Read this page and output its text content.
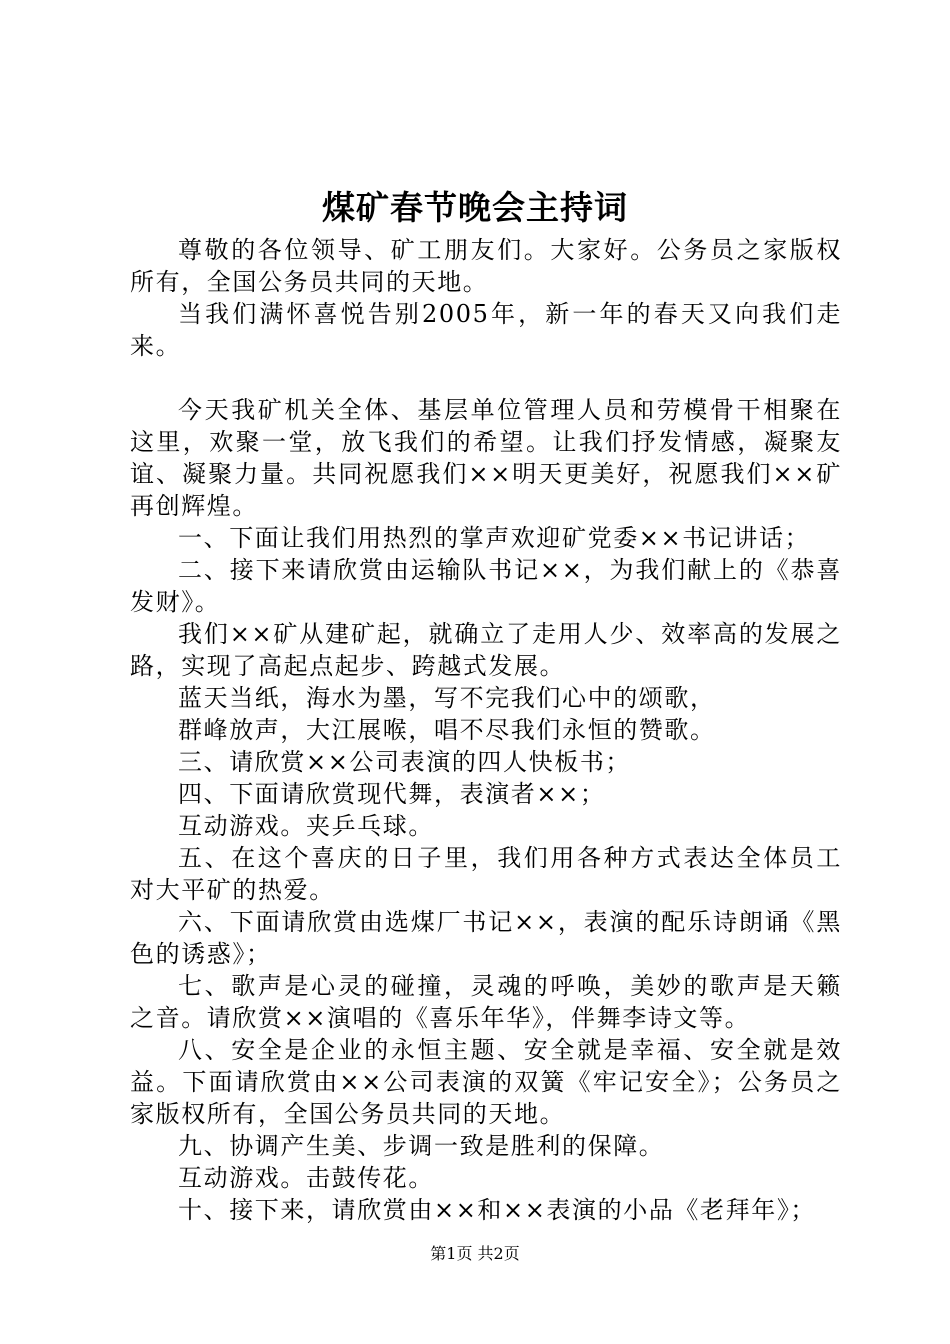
煤矿春节晚会主持词

尊敬的各位领导、矿工朋友们。大家好。公务员之家版权所有，全国公务员共同的天地。

当我们满怀喜悦告别2005年，新一年的春天又向我们走来。

今天我矿机关全体、基层单位管理人员和劳模骨干相聚在这里，欢聚一堂，放飞我们的希望。让我们抒发情感，凝聚友谊、凝聚力量。共同祝愿我们××明天更美好，祝愿我们××矿再创辉煌。

一、下面让我们用热烈的掌声欢迎矿党委××书记讲话；

二、接下来请欣赏由运输队书记××，为我们献上的《恭喜发财》。

我们××矿从建矿起，就确立了走用人少、效率高的发展之路，实现了高起点起步、跨越式发展。

蓝天当纸，海水为墨，写不完我们心中的颂歌，

群峰放声，大江展喉，唱不尽我们永恒的赞歌。

三、请欣赏××公司表演的四人快板书；

四、下面请欣赏现代舞，表演者××；

互动游戏。夹乒乓球。

五、在这个喜庆的日子里，我们用各种方式表达全体员工对大平矿的热爱。

六、下面请欣赏由选煤厂书记××，表演的配乐诗朗诵《黑色的诱惑》；

七、歌声是心灵的碰撞，灵魂的呼唤，美妙的歌声是天籁之音。请欣赏××演唱的《喜乐年华》，伴舞李诗文等。

八、安全是企业的永恒主题、安全就是幸福、安全就是效益。下面请欣赏由××公司表演的双簧《牢记安全》；公务员之家版权所有，全国公务员共同的天地。

九、协调产生美、步调一致是胜利的保障。

互动游戏。击鼓传花。

十、接下来，请欣赏由××和××表演的小品《老拜年》；

第1页 共2页
